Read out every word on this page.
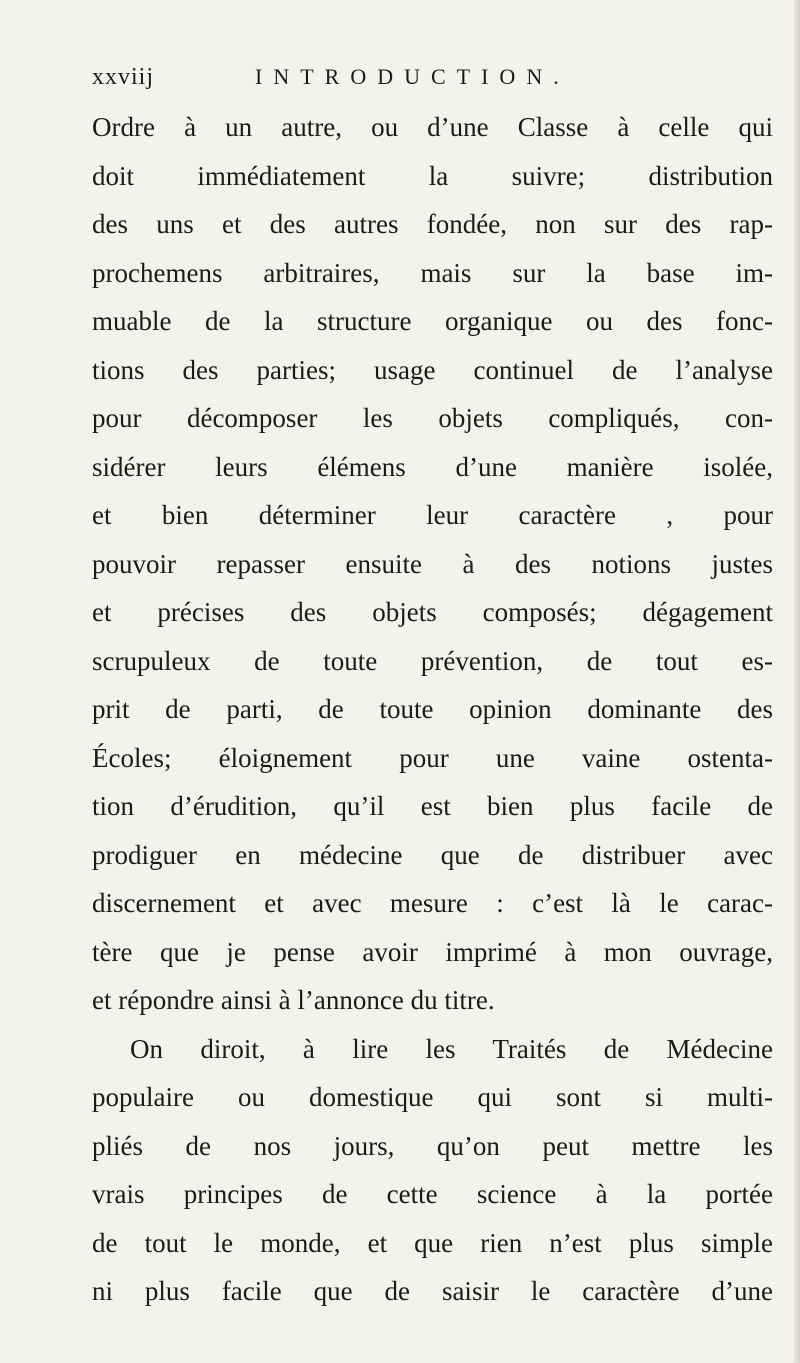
xxviij	INTRODUCTION.
Ordre à un autre, ou d’une Classe à celle qui
doit immédiatement la suivre; distribution
des uns et des autres fondée, non sur des rap-
prochemens arbitraires, mais sur la base im-
muable de la structure organique ou des fonc-
tions des parties; usage continuel de l’analyse
pour décomposer les objets compliqués, con-
sidérer leurs élémens d’une manière isolée,
et bien déterminer leur caractère , pour
pouvoir repasser ensuite à des notions justes
et précises des objets composés; dégagement
scrupuleux de toute prévention, de tout es-
prit de parti, de toute opinion dominante des
Écoles; éloignement pour une vaine ostenta-
tion d’érudition, qu’il est bien plus facile de
prodiguer en médecine que de distribuer avec
discernement et avec mesure : c’est là le carac-
tère que je pense avoir imprimé à mon ouvrage,
et répondre ainsi à l’annonce du titre.
On diroit, à lire les Traités de Médecine
populaire ou domestique qui sont si multi-
pliés de nos jours, qu’on peut mettre les
vrais principes de cette science à la portée
de tout le monde, et que rien n’est plus simple
ni plus facile que de saisir le caractère d’une
